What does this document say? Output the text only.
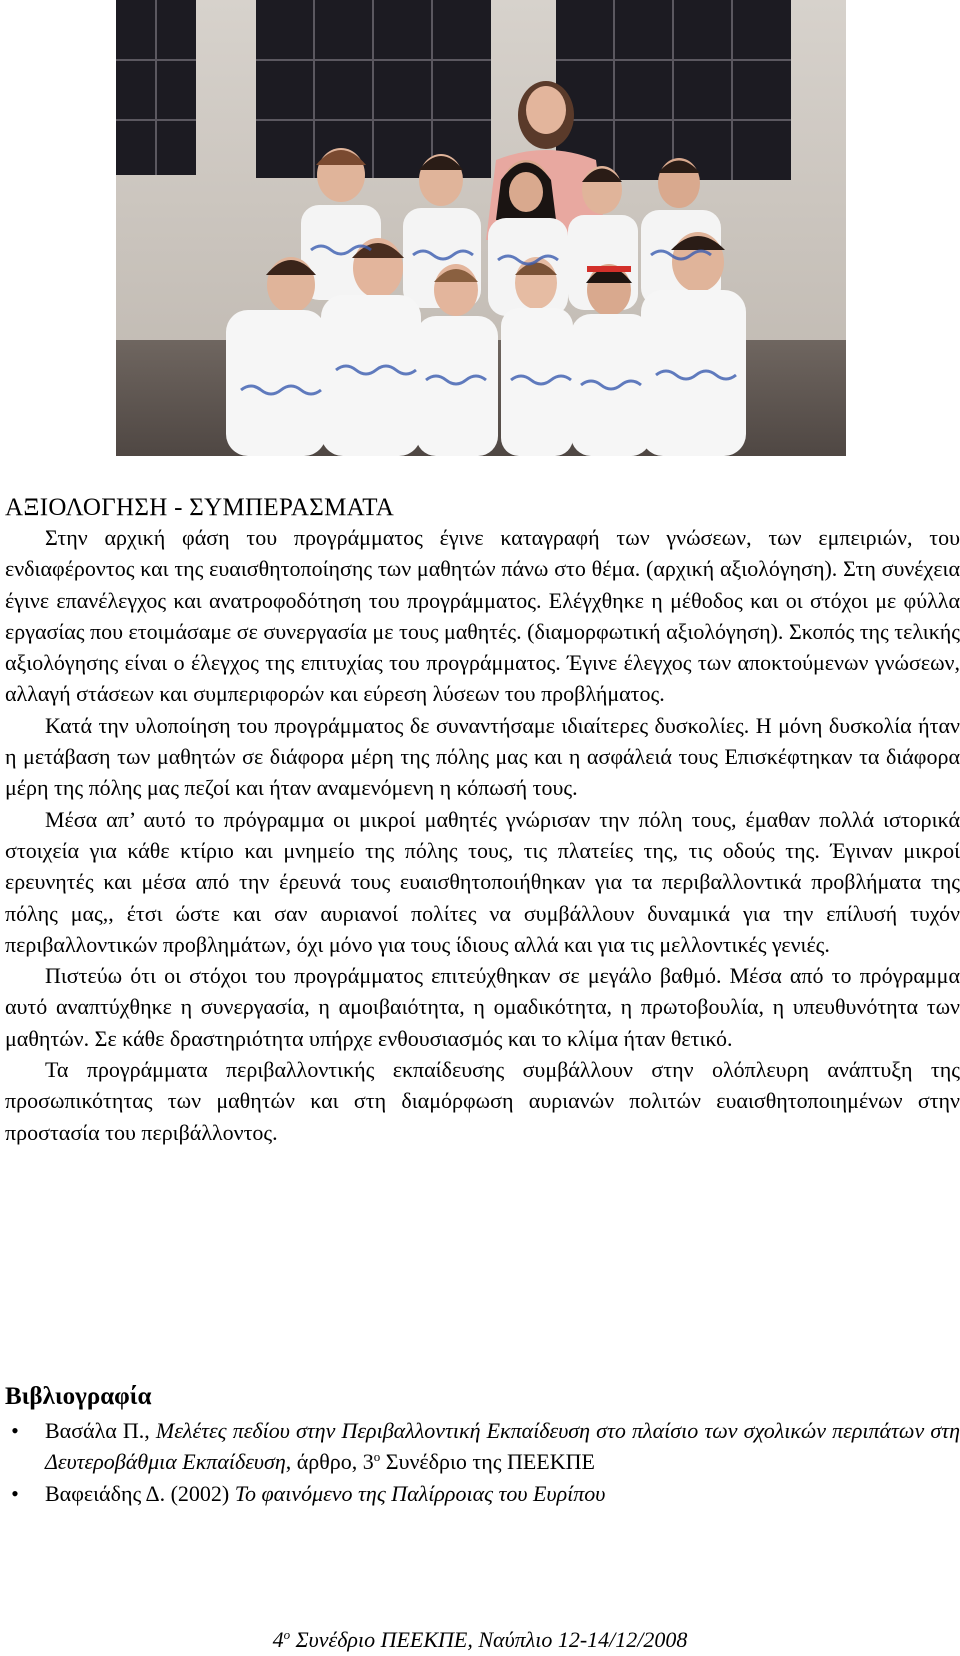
ΑΞΙΟΛΟΓΗΣΗ - ΣΥΜΠΕΡΑΣΜΑΤΑ

Στην αρχική φάση του προγράμματος έγινε καταγραφή των γνώσεων, των εμπειριών, του ενδιαφέροντος και της ευαισθητοποίησης των μαθητών πάνω στο θέμα. (αρχική αξιολόγηση). Στη συνέχεια έγινε επανέλεγχος και ανατροφοδότηση του προγράμματος. Ελέγχθηκε η μέθοδος και οι στόχοι με φύλλα εργασίας που ετοιμάσαμε σε συνεργασία με τους μαθητές. (διαμορφωτική αξιολόγηση). Σκοπός της τελικής αξιολόγησης είναι ο έλεγχος της επιτυχίας του προγράμματος. Έγινε έλεγχος των αποκτούμενων γνώσεων, αλλαγή στάσεων και συμπεριφορών και εύρεση λύσεων του προβλήματος.

Κατά την υλοποίηση του προγράμματος δε συναντήσαμε ιδιαίτερες δυσκολίες. Η μόνη δυσκολία ήταν η μετάβαση των μαθητών σε διάφορα μέρη της πόλης μας και η ασφάλειά τους Επισκέφτηκαν τα διάφορα μέρη της πόλης μας πεζοί και ήταν αναμενόμενη η κόπωσή τους.

Μέσα απ’ αυτό το πρόγραμμα οι μικροί μαθητές γνώρισαν την πόλη τους, έμαθαν πολλά ιστορικά στοιχεία για κάθε κτίριο και μνημείο της πόλης τους, τις πλατείες της, τις οδούς της. Έγιναν μικροί ερευνητές και μέσα από την έρευνά τους ευαισθητοποιήθηκαν για τα περιβαλλοντικά προβλήματα της πόλης μας,, έτσι ώστε και σαν αυριανοί πολίτες να συμβάλλουν δυναμικά για την επίλυσή τυχόν περιβαλλοντικών προβλημάτων, όχι μόνο για τους ίδιους αλλά και για τις μελλοντικές γενιές.

Πιστεύω ότι οι στόχοι του προγράμματος επιτεύχθηκαν σε μεγάλο βαθμό. Μέσα από το πρόγραμμα αυτό αναπτύχθηκε η συνεργασία, η αμοιβαιότητα, η ομαδικότητα, η πρωτοβουλία, η υπευθυνότητα των μαθητών. Σε κάθε δραστηριότητα υπήρχε ενθουσιασμός και το κλίμα ήταν θετικό.

Τα προγράμματα περιβαλλοντικής εκπαίδευσης συμβάλλουν στην ολόπλευρη ανάπτυξη της προσωπικότητας των μαθητών και στη διαμόρφωση αυριανών πολιτών ευαισθητοποιημένων στην προστασία του περιβάλλοντος.

Βιβλιογραφία
• Βασάλα Π., Μελέτες πεδίου στην Περιβαλλοντική Εκπαίδευση στο πλαίσιο των σχολικών περιπάτων στη Δευτεροβάθμια Εκπαίδευση, άρθρο, $3^o$ Συνέδριο της ΠΕΕΚΠΕ
• Βαφειάδης Δ. (2002) Το φαινόμενο της Παλίρροιας του Ευρίπου
$4^o$ Συνέδριο ΠΕΕΚΠΕ, Ναύπλιο 12-14/12/2008
